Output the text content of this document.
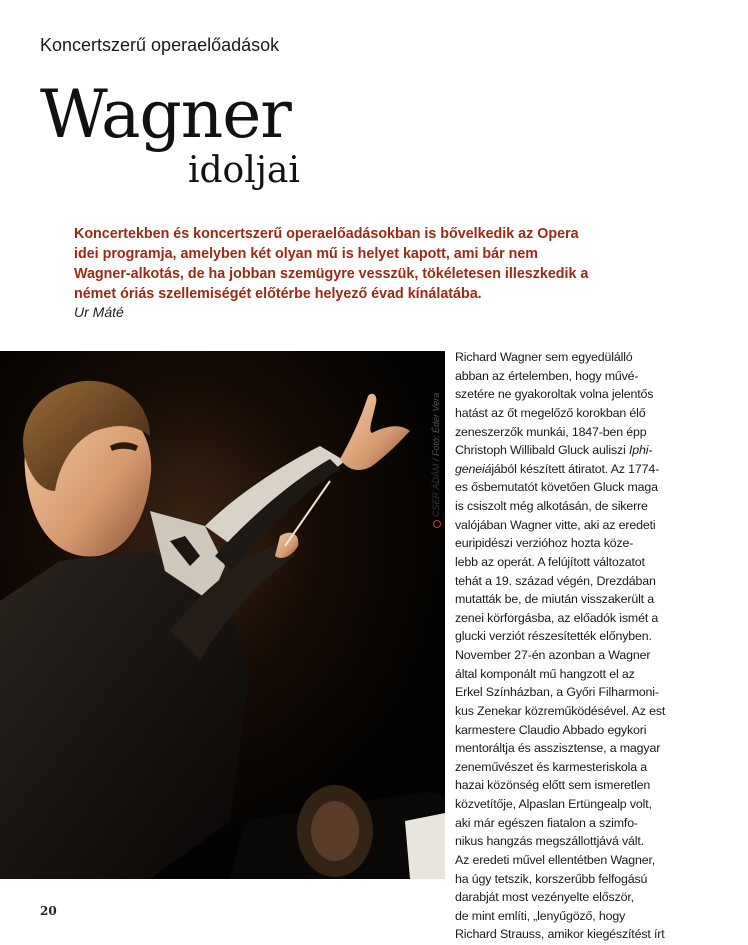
Koncertszerű operaelőadások
Wagner
idoljai
Koncertekben és koncertszerű operaelőadásokban is bővelkedik az Opera idei programja, amelyben két olyan mű is helyet kapott, ami bár nem Wagner-alkotás, de ha jobban szemügyre vesszük, tökéletesen illeszkedik a német óriás szellemiségét előtérbe helyező évad kínálatába.
Ur Máté
CSER ÁDÁM / Fotó: Éder Vera
Richard Wagner sem egyedülálló
abban az értelemben, hogy művé-
szetére ne gyakoroltak volna jelentős
hatást az őt megelőző korokban élő
zeneszerzők munkái, 1847-ben épp
Christoph Willibald Gluck auliszi Iphi-
geneiájából készített átiratot. Az 1774-
es ősbemutatót követően Gluck maga
is csiszolt még alkotásán, de sikerre
valójában Wagner vitte, aki az eredeti
euripidészi verzióhoz hozta köze-
lebb az operát. A felújított változatot
tehát a 19. század végén, Drezdában
mutatták be, de miután visszakerült a
zenei körforgásba, az előadók ismét a
glucki verziót részesítették előnyben.
November 27-én azonban a Wagner
által komponált mű hangzott el az
Erkel Színházban, a Győri Filharmoni-
kus Zenekar közreműködésével. Az est
karmestere Claudio Abbado egykori
mentoráltja és asszisztense, a magyar
zeneművészet és karmesteriskola a
hazai közönség előtt sem ismeretlen
közvetítője, Alpaslan Ertüngealp volt,
aki már egészen fiatalon a szimfo-
nikus hangzás megszállottjává vált.
Az eredeti művel ellentétben Wagner,
ha úgy tetszik, korszerűbb felfogású
darabját most vezényelte először,
de mint említi, „lenyűgöző, hogy
Richard Strauss, amikor kiegészítést írt
20
